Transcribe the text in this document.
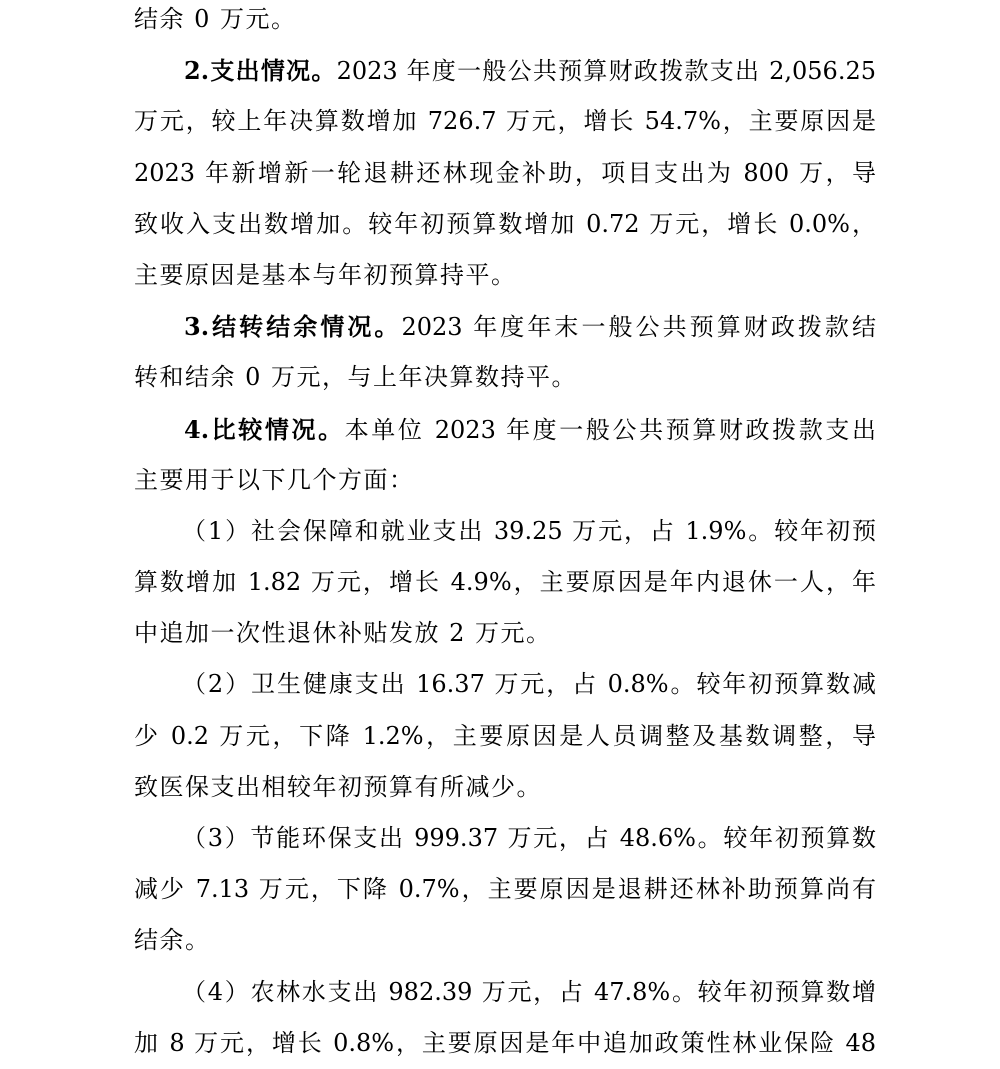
结余 0 万元。
2.支出情况。2023 年度一般公共预算财政拨款支出 2,056.25
万元，较上年决算数增加 726.7 万元，增长 54.7%，主要原因是
2023 年新增新一轮退耕还林现金补助，项目支出为 800 万，导
致收入支出数增加。较年初预算数增加 0.72 万元，增长 0.0%，
主要原因是基本与年初预算持平。
3.结转结余情况。2023 年度年末一般公共预算财政拨款结
转和结余 0 万元，与上年决算数持平。
4.比较情况。本单位 2023 年度一般公共预算财政拨款支出
主要用于以下几个方面：
（1）社会保障和就业支出 39.25 万元，占 1.9%。较年初预
算数增加 1.82 万元，增长 4.9%，主要原因是年内退休一人，年
中追加一次性退休补贴发放 2 万元。
（2）卫生健康支出 16.37 万元，占 0.8%。较年初预算数减
少 0.2 万元，下降 1.2%，主要原因是人员调整及基数调整，导
致医保支出相较年初预算有所减少。
（3）节能环保支出 999.37 万元，占 48.6%。较年初预算数
减少 7.13 万元，下降 0.7%，主要原因是退耕还林补助预算尚有
结余。
（4）农林水支出 982.39 万元，占 47.8%。较年初预算数增
加 8 万元，增长 0.8%，主要原因是年中追加政策性林业保险 48
